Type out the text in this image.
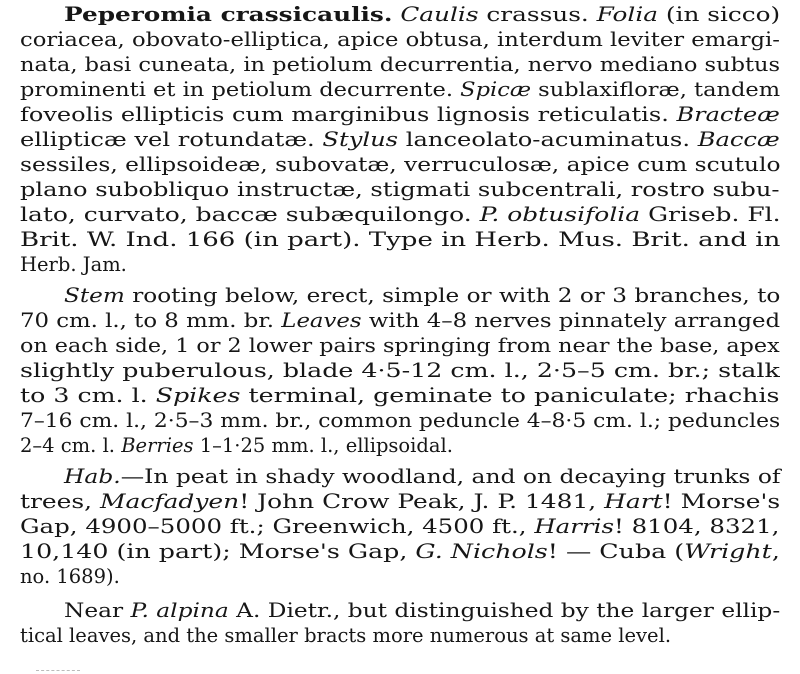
Peperomia crassicaulis. Caulis crassus. Folia (in sicco)
coriacea, obovato-elliptica, apice obtusa, interdum leviter emargi-
nata, basi cuneata, in petiolum decurrentia, nervo mediano subtus
prominenti et in petiolum decurrente. Spicæ sublaxifloræ, tandem
foveolis ellipticis cum marginibus lignosis reticulatis. Bracteæ
ellipticæ vel rotundatæ. Stylus lanceolato-acuminatus. Baccæ
sessiles, ellipsoideæ, subovatæ, verruculosæ, apice cum scutulo
plano subobliquo instructæ, stigmati subcentrali, rostro subu-
lato, curvato, baccæ subæquilongo. P. obtusifolia Griseb. Fl.
Brit. W. Ind. 166 (in part). Type in Herb. Mus. Brit. and in
Herb. Jam.
Stem rooting below, erect, simple or with 2 or 3 branches, to
70 cm. l., to 8 mm. br. Leaves with 4–8 nerves pinnately arranged
on each side, 1 or 2 lower pairs springing from near the base, apex
slightly puberulous, blade 4·5-12 cm. l., 2·5–5 cm. br.; stalk
to 3 cm. l. Spikes terminal, geminate to paniculate; rhachis
7–16 cm. l., 2·5–3 mm. br., common peduncle 4–8·5 cm. l.; peduncles
2–4 cm. l. Berries 1–1·25 mm. l., ellipsoidal.
Hab.—In peat in shady woodland, and on decaying trunks of
trees, Macfadyen! John Crow Peak, J. P. 1481, Hart! Morse's
Gap, 4900–5000 ft.; Greenwich, 4500 ft., Harris! 8104, 8321,
10,140 (in part); Morse's Gap, G. Nichols! — Cuba (Wright,
no. 1689).
Near P. alpina A. Dietr., but distinguished by the larger ellip-
tical leaves, and the smaller bracts more numerous at same level.
